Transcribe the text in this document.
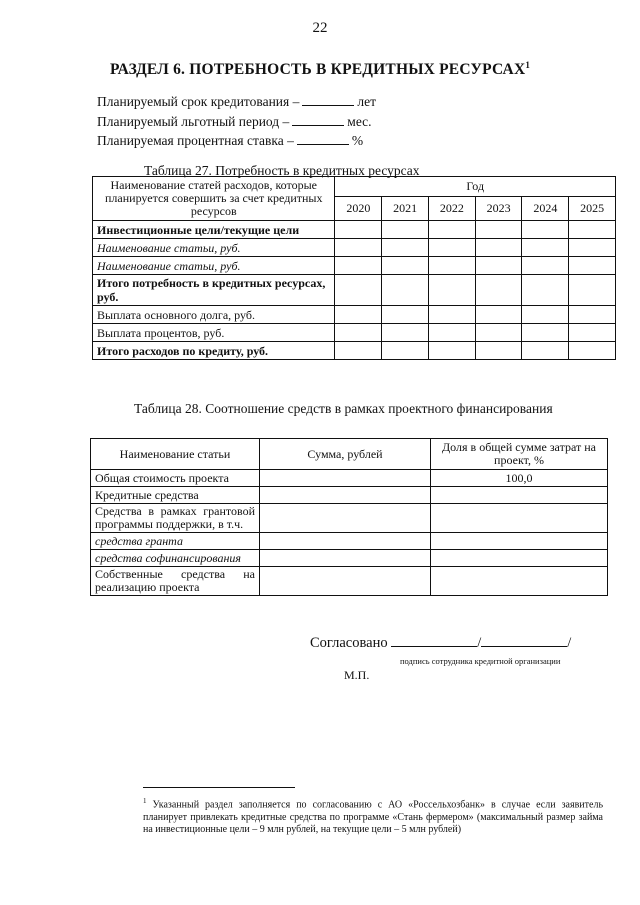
22
РАЗДЕЛ 6. ПОТРЕБНОСТЬ В КРЕДИТНЫХ РЕСУРСАХ$^1$
Планируемый срок кредитования –	лет
Планируемый льготный период –	мес.
Планируемая процентная ставка –	%
Таблица 27. Потребность в кредитных ресурсах
Наименование статей расходов, которые планируется совершить за счет кредитных ресурсов	Год					
	2020	2021	2022	2023	2024	2025
Инвестиционные цели/текущие цели						
Наименование статьи, руб.						
Наименование статьи, руб.						
Итого потребность в кредитных ресурсах, руб.						
Выплата основного долга, руб.						
Выплата процентов, руб.						
Итого расходов по кредиту, руб.						
Таблица 28. Соотношение средств в рамках проектного финансирования
Наименование статьи	Сумма, рублей	Доля в общей сумме затрат на проект, %
Общая стоимость проекта		100,0
Кредитные средства		
Средства в рамках грантовой программы поддержки, в т.ч.		
средства гранта		
средства софинансирования		
Собственные средства на реализацию проекта		
Согласовано	/	/
подпись сотрудника кредитной организации
М.П.
$^1$ Указанный раздел заполняется по согласованию с АО «Россельхозбанк» в случае если заявитель планирует привлекать кредитные средства по программе «Стань фермером» (максимальный размер займа на инвестиционные цели – 9 млн рублей, на текущие цели – 5 млн рублей)
